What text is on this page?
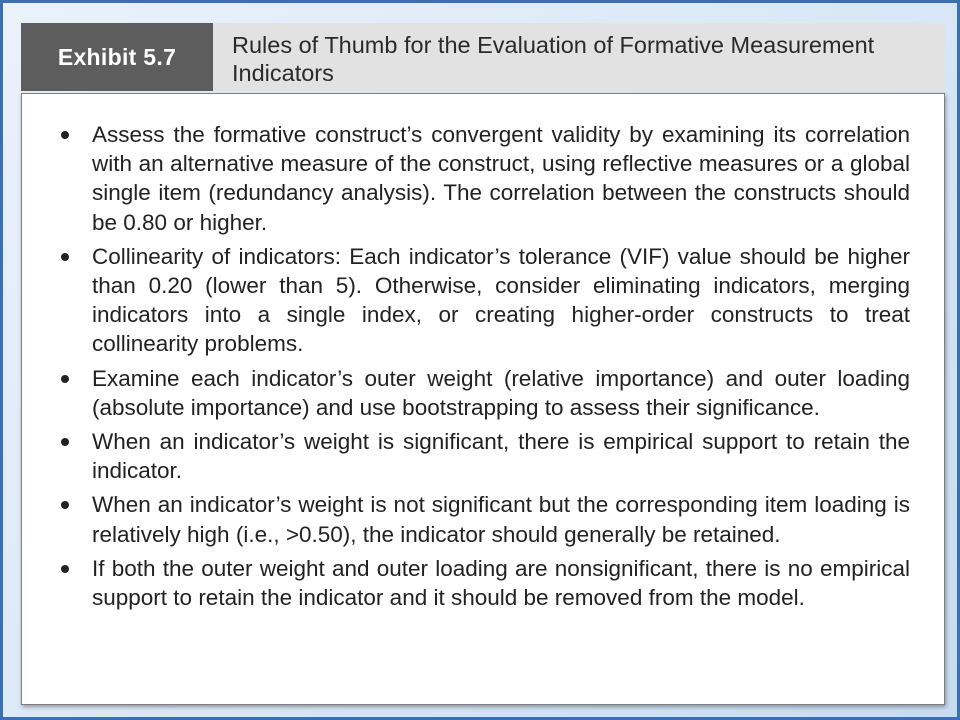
Exhibit 5.7	Rules of Thumb for the Evaluation of Formative Measurement Indicators
Assess the formative construct’s convergent validity by examining its correlation with an alternative measure of the construct, using reflective measures or a global single item (redundancy analysis). The correlation between the constructs should be 0.80 or higher.
Collinearity of indicators: Each indicator’s tolerance (VIF) value should be higher than 0.20 (lower than 5). Otherwise, consider eliminating indicators, merging indicators into a single index, or creating higher-order constructs to treat collinearity problems.
Examine each indicator’s outer weight (relative importance) and outer loading (absolute importance) and use bootstrapping to assess their significance.
When an indicator’s weight is significant, there is empirical support to retain the indicator.
When an indicator’s weight is not significant but the corresponding item loading is relatively high (i.e., >0.50), the indicator should generally be retained.
If both the outer weight and outer loading are nonsignificant, there is no empirical support to retain the indicator and it should be removed from the model.
